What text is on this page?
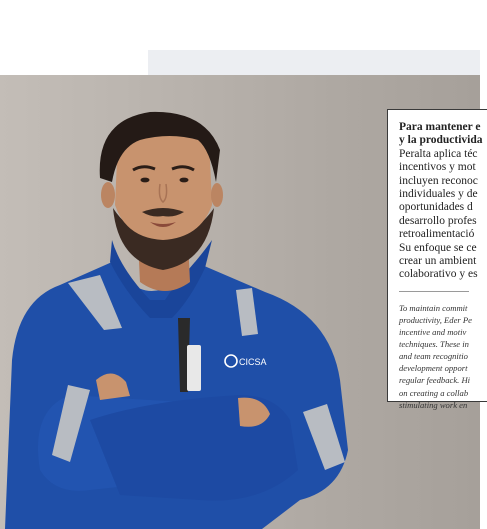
CICSA
Para mantener e
y la productivida
Peralta aplica téc
incentivos y mot
incluyen reconoc
individuales y de
oportunidades d
desarrollo profes
retroalimentació
Su enfoque se ce
crear un ambient
colaborativo y es
To maintain commit
productivity, Eder Pe
incentive and motiv
techniques. These in
and team recognitio
development opport
regular feedback. Hi
on creating a collab
stimulating work en
